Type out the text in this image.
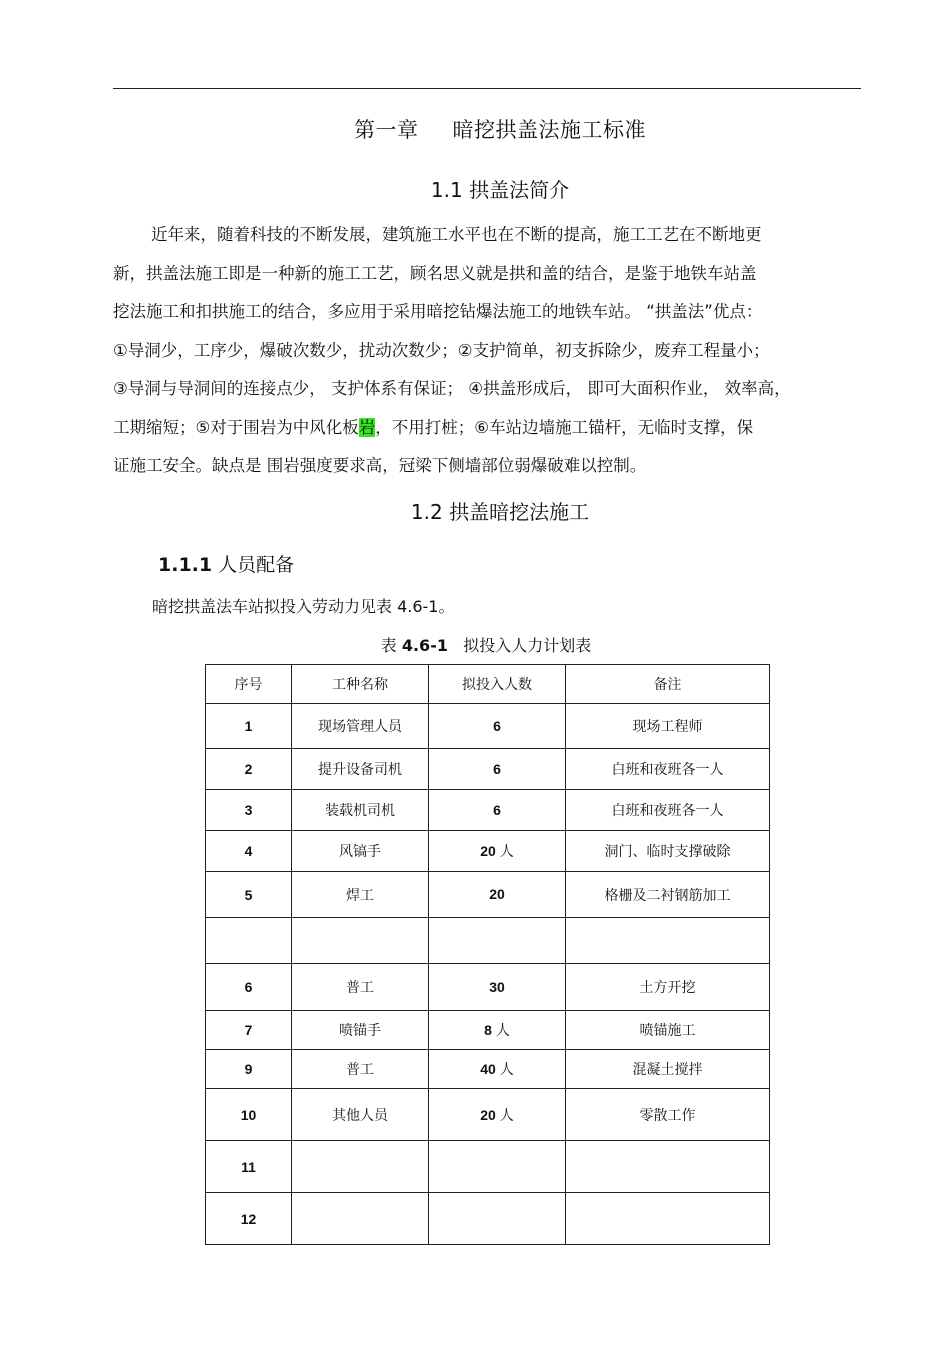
第一章 暗挖拱盖法施工标准
1.1 拱盖法简介
近年来，随着科技的不断发展，建筑施工水平也在不断的提高，施工工艺在不断地更
新，拱盖法施工即是一种新的施工工艺，顾名思义就是拱和盖的结合，是鉴于地铁车站盖
挖法施工和扣拱施工的结合，多应用于采用暗挖钻爆法施工的地铁车站。 “拱盖法”优点：
①导洞少，工序少，爆破次数少，扰动次数少；②支护简单，初支拆除少，废弃工程量小；
③导洞与导洞间的连接点少， 支护体系有保证； ④拱盖形成后， 即可大面积作业， 效率高，
工期缩短；⑤对于围岩为中风化板岩，不用打桩；⑥车站边墙施工锚杆，无临时支撑，保
证施工安全。缺点是 围岩强度要求高，冠梁下侧墙部位弱爆破难以控制。
1.2 拱盖暗挖法施工
1.1.1 人员配备
暗挖拱盖法车站拟投入劳动力见表 4.6-1。
表 4.6-1 拟投入人力计划表
序号	工种名称	拟投入人数	备注
1	现场管理人员	6	现场工程师
2	提升设备司机	6	白班和夜班各一人
3	装载机司机	6	白班和夜班各一人
4	风镐手	20 人	洞门、临时支撑破除
5	焊工	20	格栅及二衬钢筋加工

6	普工	30	土方开挖
7	喷锚手	8 人	喷锚施工
9	普工	40 人	混凝土搅拌
10	其他人员	20 人	零散工作
11			
12			
